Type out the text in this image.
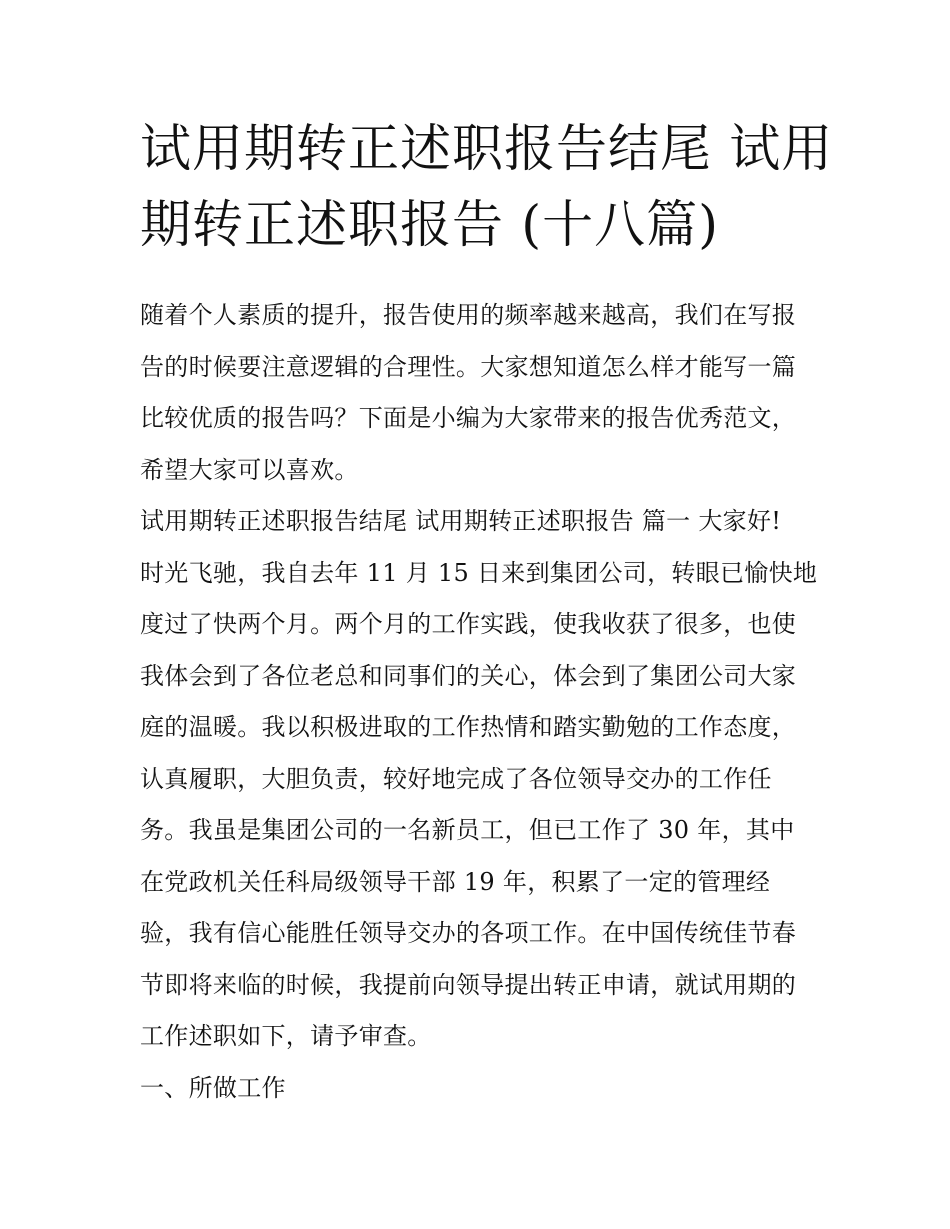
试用期转正述职报告结尾 试用
期转正述职报告 (十八篇)

随着个人素质的提升，报告使用的频率越来越高，我们在写报
告的时候要注意逻辑的合理性。大家想知道怎么样才能写一篇
比较优质的报告吗？下面是小编为大家带来的报告优秀范文，
希望大家可以喜欢。

试用期转正述职报告结尾 试用期转正述职报告 篇一 大家好!
时光飞驰，我自去年 11 月 15 日来到集团公司，转眼已愉快地
度过了快两个月。两个月的工作实践，使我收获了很多，也使
我体会到了各位老总和同事们的关心，体会到了集团公司大家
庭的温暖。我以积极进取的工作热情和踏实勤勉的工作态度，
认真履职，大胆负责，较好地完成了各位领导交办的工作任
务。我虽是集团公司的一名新员工，但已工作了 30 年，其中
在党政机关任科局级领导干部 19 年，积累了一定的管理经
验，我有信心能胜任领导交办的各项工作。在中国传统佳节春
节即将来临的时候，我提前向领导提出转正申请，就试用期的
工作述职如下，请予审查。
一、所做工作
